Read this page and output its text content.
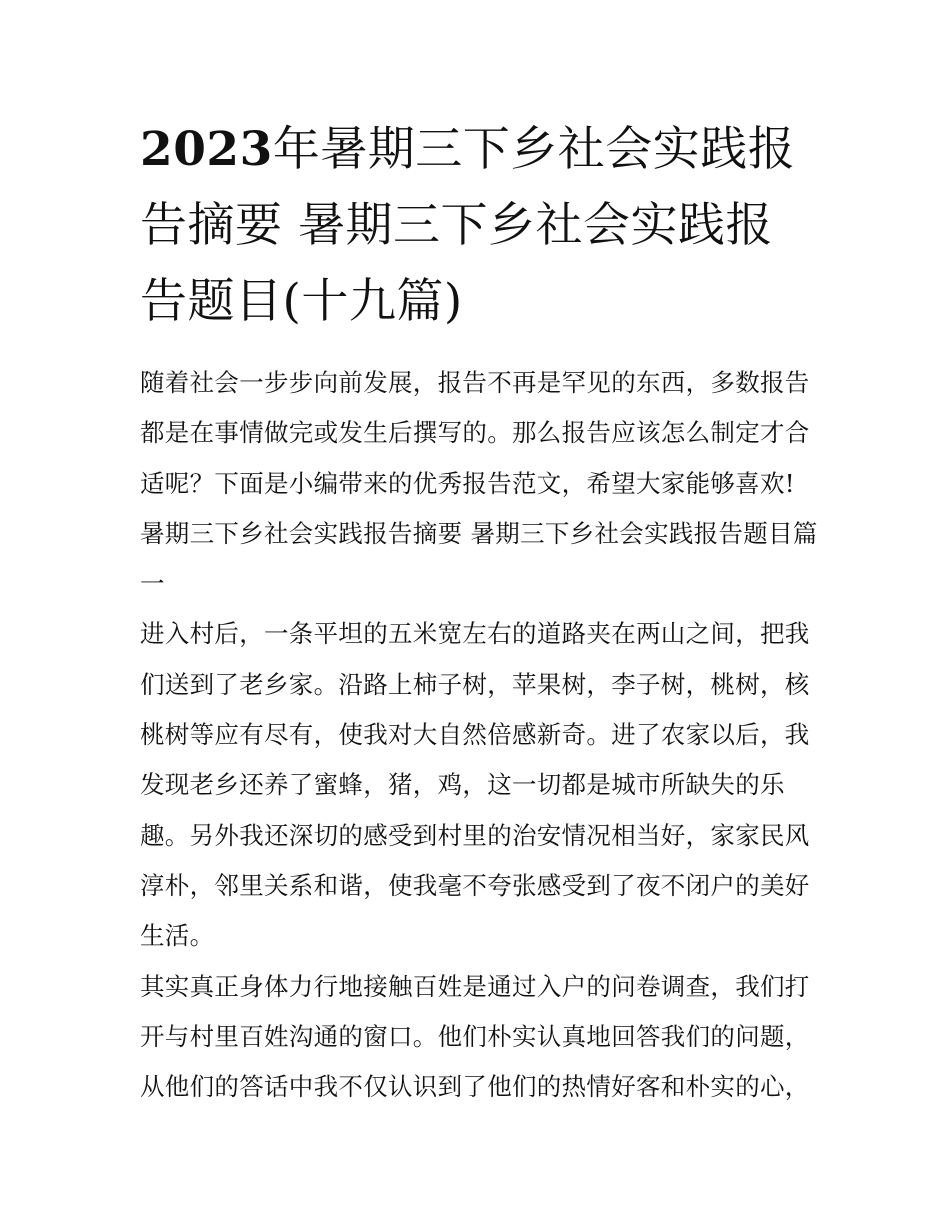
2023年暑期三下乡社会实践报告摘要 暑期三下乡社会实践报告题目(十九篇)

随着社会一步步向前发展，报告不再是罕见的东西，多数报告都是在事情做完或发生后撰写的。那么报告应该怎么制定才合适呢？下面是小编带来的优秀报告范文，希望大家能够喜欢!

暑期三下乡社会实践报告摘要 暑期三下乡社会实践报告题目篇一

进入村后，一条平坦的五米宽左右的道路夹在两山之间，把我们送到了老乡家。沿路上柿子树，苹果树，李子树，桃树，核桃树等应有尽有，使我对大自然倍感新奇。进了农家以后，我发现老乡还养了蜜蜂，猪，鸡，这一切都是城市所缺失的乐趣。另外我还深切的感受到村里的治安情况相当好，家家民风淳朴，邻里关系和谐，使我毫不夸张感受到了夜不闭户的美好生活。

其实真正身体力行地接触百姓是通过入户的问卷调查，我们打开与村里百姓沟通的窗口。他们朴实认真地回答我们的问题，从他们的答话中我不仅认识到了他们的热情好客和朴实的心，
